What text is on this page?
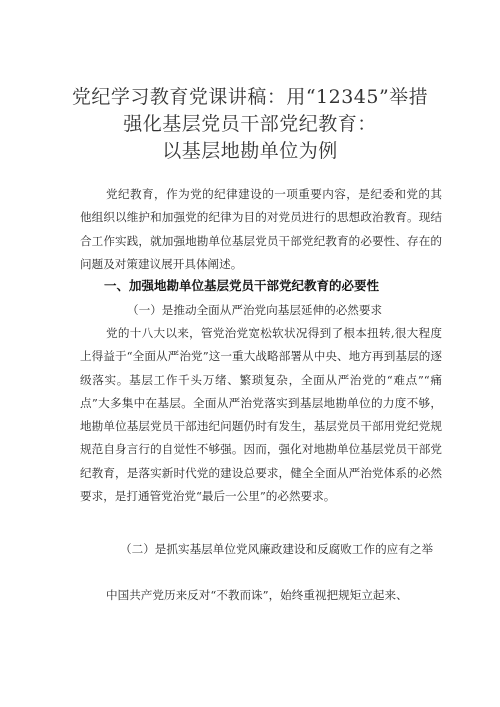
党纪学习教育党课讲稿：用“12345”举措
强化基层党员干部党纪教育：
以基层地勘单位为例

党纪教育，作为党的纪律建设的一项重要内容，是纪委和党的其他组织以维护和加强党的纪律为目的对党员进行的思想政治教育。现结合工作实践，就加强地勘单位基层党员干部党纪教育的必要性、存在的问题及对策建议展开具体阐述。

一、加强地勘单位基层党员干部党纪教育的必要性
（一）是推动全面从严治党向基层延伸的必然要求

党的十八大以来，管党治党宽松软状况得到了根本扭转,很大程度上得益于“全面从严治党”这一重大战略部署从中央、地方再到基层的逐级落实。基层工作千头万绪、繁琐复杂，全面从严治党的“难点”“痛点”大多集中在基层。全面从严治党落实到基层地勘单位的力度不够，地勘单位基层党员干部违纪问题仍时有发生，基层党员干部用党纪党规规范自身言行的自觉性不够强。因而，强化对地勘单位基层党员干部党纪教育，是落实新时代党的建设总要求，健全全面从严治党体系的必然要求，是打通管党治党“最后一公里”的必然要求。

（二）是抓实基层单位党风廉政建设和反腐败工作的应有之举

中国共产党历来反对“不教而诛”，始终重视把规矩立起来、
